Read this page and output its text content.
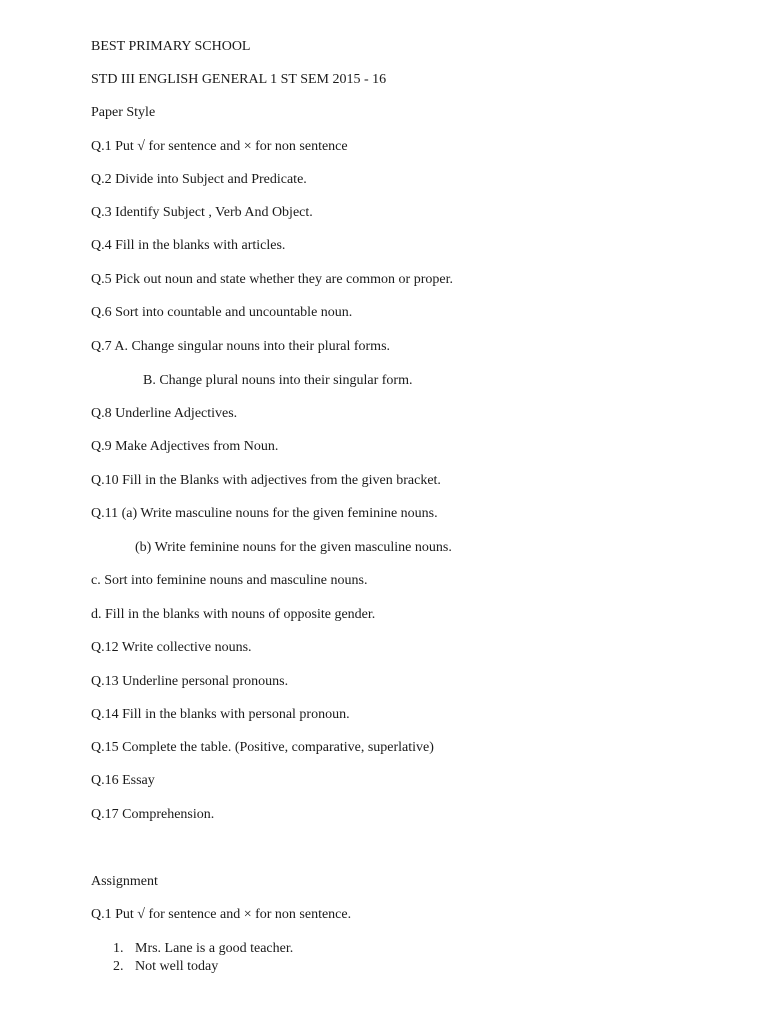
BEST PRIMARY SCHOOL
STD III ENGLISH GENERAL 1 ST SEM 2015 - 16
Paper Style
Q.1 Put √ for sentence and × for non sentence
Q.2 Divide into Subject and Predicate.
Q.3 Identify Subject , Verb And Object.
Q.4 Fill in the blanks with articles.
Q.5 Pick out noun and state whether they are common or proper.
Q.6 Sort into countable and uncountable noun.
Q.7 A. Change singular nouns into their plural forms.
B. Change plural nouns into their singular form.
Q.8 Underline Adjectives.
Q.9 Make Adjectives from Noun.
Q.10 Fill in the Blanks with adjectives from the given bracket.
Q.11 (a) Write masculine nouns for the given feminine nouns.
(b) Write feminine nouns for the given masculine nouns.
c. Sort into feminine nouns and masculine nouns.
d. Fill in the blanks with nouns of opposite gender.
Q.12 Write collective nouns.
Q.13 Underline personal pronouns.
Q.14 Fill in the blanks with personal pronoun.
Q.15 Complete the table. (Positive, comparative, superlative)
Q.16 Essay
Q.17 Comprehension.
Assignment
Q.1 Put √ for sentence and × for non sentence.
1. Mrs. Lane is a good teacher.
2. Not well today
